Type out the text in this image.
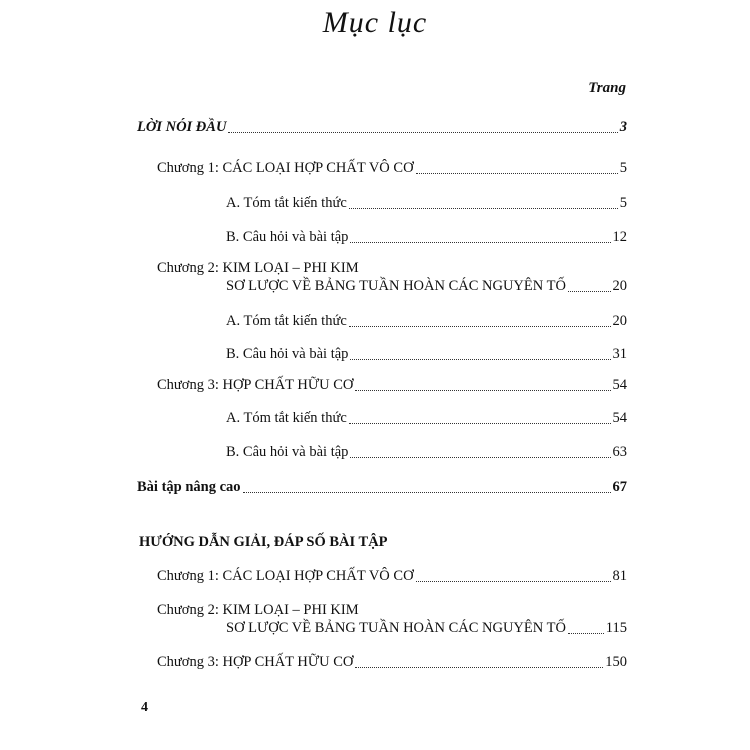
Mục lục
Trang
LỜI NÓI ĐẦU	3
Chương 1: CÁC LOẠI HỢP CHẤT VÔ CƠ	5
A. Tóm tắt kiến thức	5
B. Câu hỏi và bài tập	12
Chương 2: KIM LOẠI – PHI KIM
SƠ LƯỢC VỀ BẢNG TUẦN HOÀN CÁC NGUYÊN TỐ	20
A. Tóm tắt kiến thức	20
B. Câu hỏi và bài tập	31
Chương 3: HỢP CHẤT HỮU CƠ	54
A. Tóm tắt kiến thức	54
B. Câu hỏi và bài tập	63
Bài tập nâng cao	67
HƯỚNG DẪN GIẢI, ĐÁP SỐ BÀI TẬP
Chương 1: CÁC LOẠI HỢP CHẤT VÔ CƠ	81
Chương 2: KIM LOẠI – PHI KIM
SƠ LƯỢC VỀ BẢNG TUẦN HOÀN CÁC NGUYÊN TỐ	115
Chương 3: HỢP CHẤT HỮU CƠ	150
4
